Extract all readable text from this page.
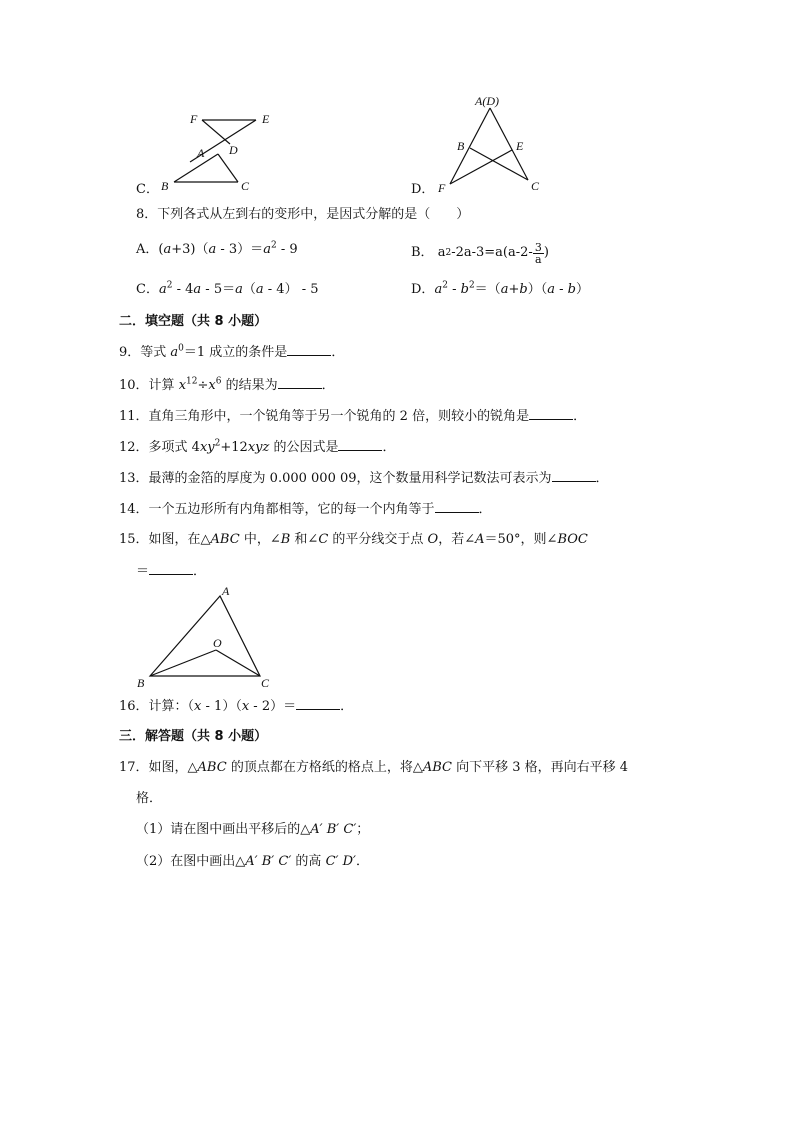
C．
F	E
A D
B	C	D．
A(D)
B	E
F	C
8．下列各式从左到右的变形中，是因式分解的是（　　）
A．$(a+3)(a - 3)=a^2 - 9$	B．
a 2 $-2a-3=a(a-2- \frac{3}{a}$ )
C．$a^2 - 4a - 5=a(a - 4) - 5$	D．$a^2 - b^2=(a+b)(a - b)$
二．填空题（共 8 小题）
9．等式 $a^0=1$ 成立的条件是	．
10．计算 $x^{12}\div x^6$ 的结果为	．
11．直角三角形中，一个锐角等于另一个锐角的 2 倍，则较小的锐角是	．
12．多项式 $4xy^2+12xyz$ 的公因式是	．
13．最薄的金箔的厚度为 0.000 000 09，这个数量用科学记数法可表示为	．
14．一个五边形所有内角都相等，它的每一个内角等于	．
15．如图，在△ABC 中，∠B 和∠C 的平分线交于点 O，若∠A＝50°，则∠BOC
＝	．
A
O
B	C
16．计算：（x - 1）（x - 2）＝	．
三．解答题（共 8 小题）
17．如图，△ABC 的顶点都在方格纸的格点上，将△ABC 向下平移 3 格，再向右平移 4
格．
（1）请在图中画出平移后的△A′ B′ C′；
（2）在图中画出△A′ B′ C′ 的高 C′ D′．
